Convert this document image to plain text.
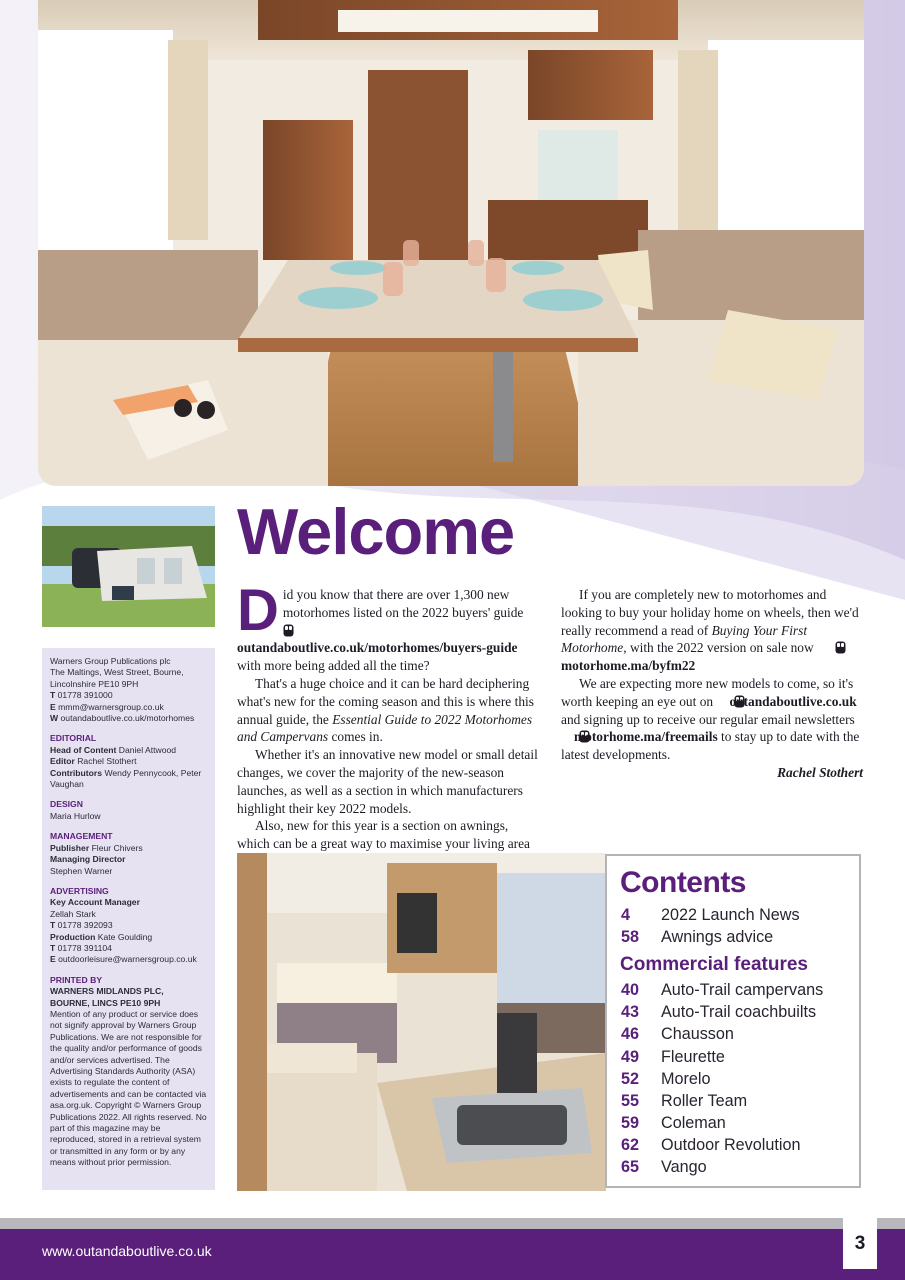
Warners Group Publications plc

The Maltings, West Street, Bourne,

Lincolnshire PE10 9PH

T 01778 391000

E mmm@warnersgroup.co.uk

W outandaboutlive.co.uk/motorhomes

EDITORIAL

Head of Content Daniel Attwood

Editor Rachel Stothert

Contributors Wendy Pennycook, Peter Vaughan

DESIGN

Maria Hurlow

MANAGEMENT

Publisher Fleur Chivers

Managing Director

Stephen Warner

ADVERTISING

Key Account Manager

Zellah Stark

T 01778 392093

Production Kate Goulding

T 01778 391104

E outdoorleisure@warnersgroup.co.uk

PRINTED BY

WARNERS MIDLANDS PLC,

BOURNE, LINCS PE10 9PH

Mention of any product or service does not signify approval by Warners Group Publications. We are not responsible for the quality and/or performance of goods and/or services advertised. The Advertising Standards Authority (ASA) exists to regulate the content of advertisements and can be contacted via asa.org.uk. Copyright © Warners Group Publications 2022. All rights reserved. No part of this magazine may be reproduced, stored in a retrieval system or transmitted in any form or by any means without prior permission.

Welcome

Did you know that there are over 1,300 new motorhomes listed on the 2022 buyers' guide outandaboutlive.co.uk/motorhomes/buyers-guide with more being added all the time?

That's a huge choice and it can be hard deciphering what's new for the coming season and this is where this annual guide, the Essential Guide to 2022 Motorhomes and Campervans comes in.

Whether it's an innovative new model or small detail changes, we cover the majority of the new-season launches, as well as a section in which manufacturers highlight their key 2022 models.

Also, new for this year is a section on awnings, which can be a great way to maximise your living area

If you are completely new to motorhomes and looking to buy your holiday home on wheels, then we'd really recommend a read of Buying Your First Motorhome, with the 2022 version on sale now motorhome.ma/byfm22

We are expecting more new models to come, so it's worth keeping an eye out on outandaboutlive.co.uk and signing up to receive our regular email newsletters motorhome.ma/freemails to stay up to date with the latest developments.

Rachel Stothert

Contents
4	2022 Launch News
58	Awnings advice
Commercial features
40	Auto-Trail campervans
43	Auto-Trail coachbuilts
46	Chausson
49	Fleurette
52	Morelo
55	Roller Team
59	Coleman
62	Outdoor Revolution
65	Vango
www.outandaboutlive.co.uk	3
